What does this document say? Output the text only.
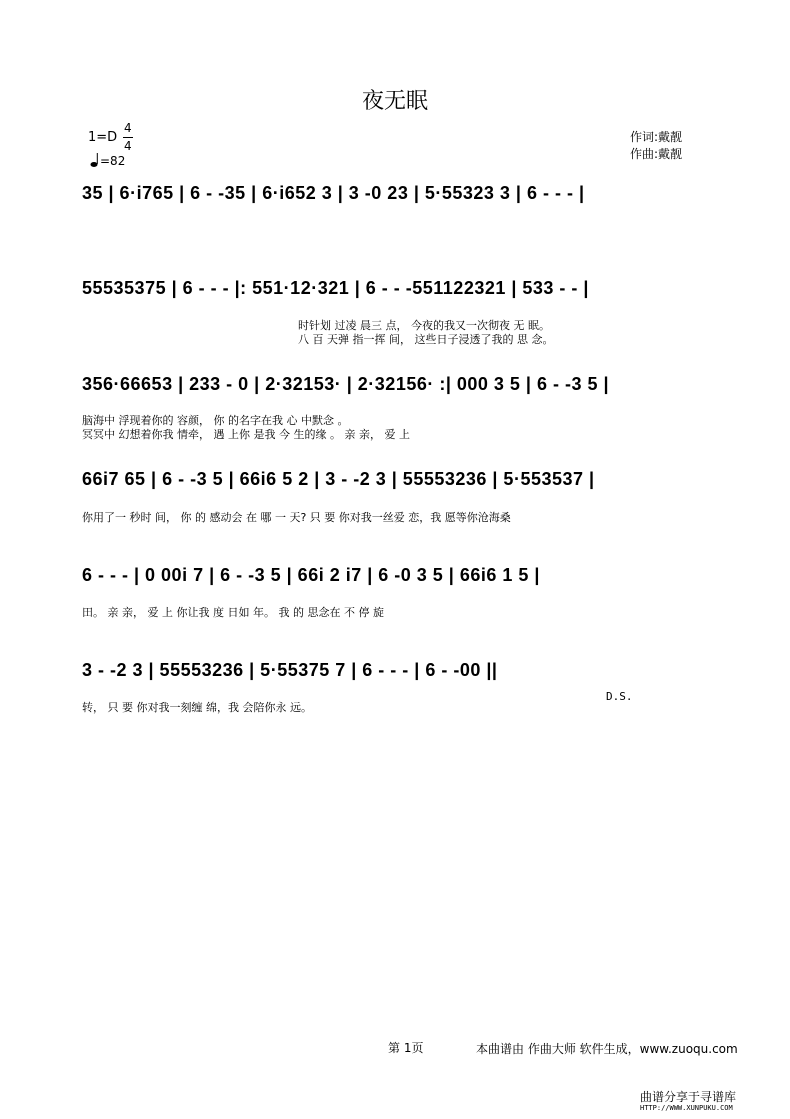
夜无眠
1=D
4
4
=82
作词:戴靓
作曲:戴靓
35 | 6·i765 | 6 - -35 | 6·i652 3 | 3 -0 23 | 5·55323 3 | 6 - - - |
55535375 | 6 - - - |: 551·12·321 | 6 - - -551122321 | 533 - - |
时针划 过凌 晨三 点， 今夜的我又一次彻夜 无 眠。
八 百 天弹 指一挥 间， 这些日子浸透了我的 思 念。
356·66653 | 233 - 0 | 2·32153· | 2·32156· :| 000 3 5 | 6 - -3 5 |
脑海中 浮现着你的 容颜， 你 的名字在我 心 中默念 。
冥冥中 幻想着你我 情牵， 遇 上你 是我 今 生的缘 。 亲 亲， 爱 上
66i7 65 | 6 - -3 5 | 66i6 5 2 | 3 - -2 3 | 55553236 | 5·553537 |
你用了一 秒时 间， 你 的 感动会 在 哪 一 天? 只 要 你对我一丝爱 恋，我 愿等你沧海桑
6 - - - | 0 00i 7 | 6 - -3 5 | 66i 2 i7 | 6 -0 3 5 | 66i6 1 5 |
田。 亲 亲， 爱 上 你让我 度 日如 年。 我 的 思念在 不 停 旋
3 - -2 3 | 55553236 | 5·55375 7 | 6 - - - | 6 - -00 ||
转， 只 要 你对我一刻缠 绵，我 会陪你永 远。
D.S.
第 1页	本曲谱由 作曲大师 软件生成，www.zuoqu.com
曲谱分享于寻谱库
HTTP://WWW.XUNPUKU.COM
